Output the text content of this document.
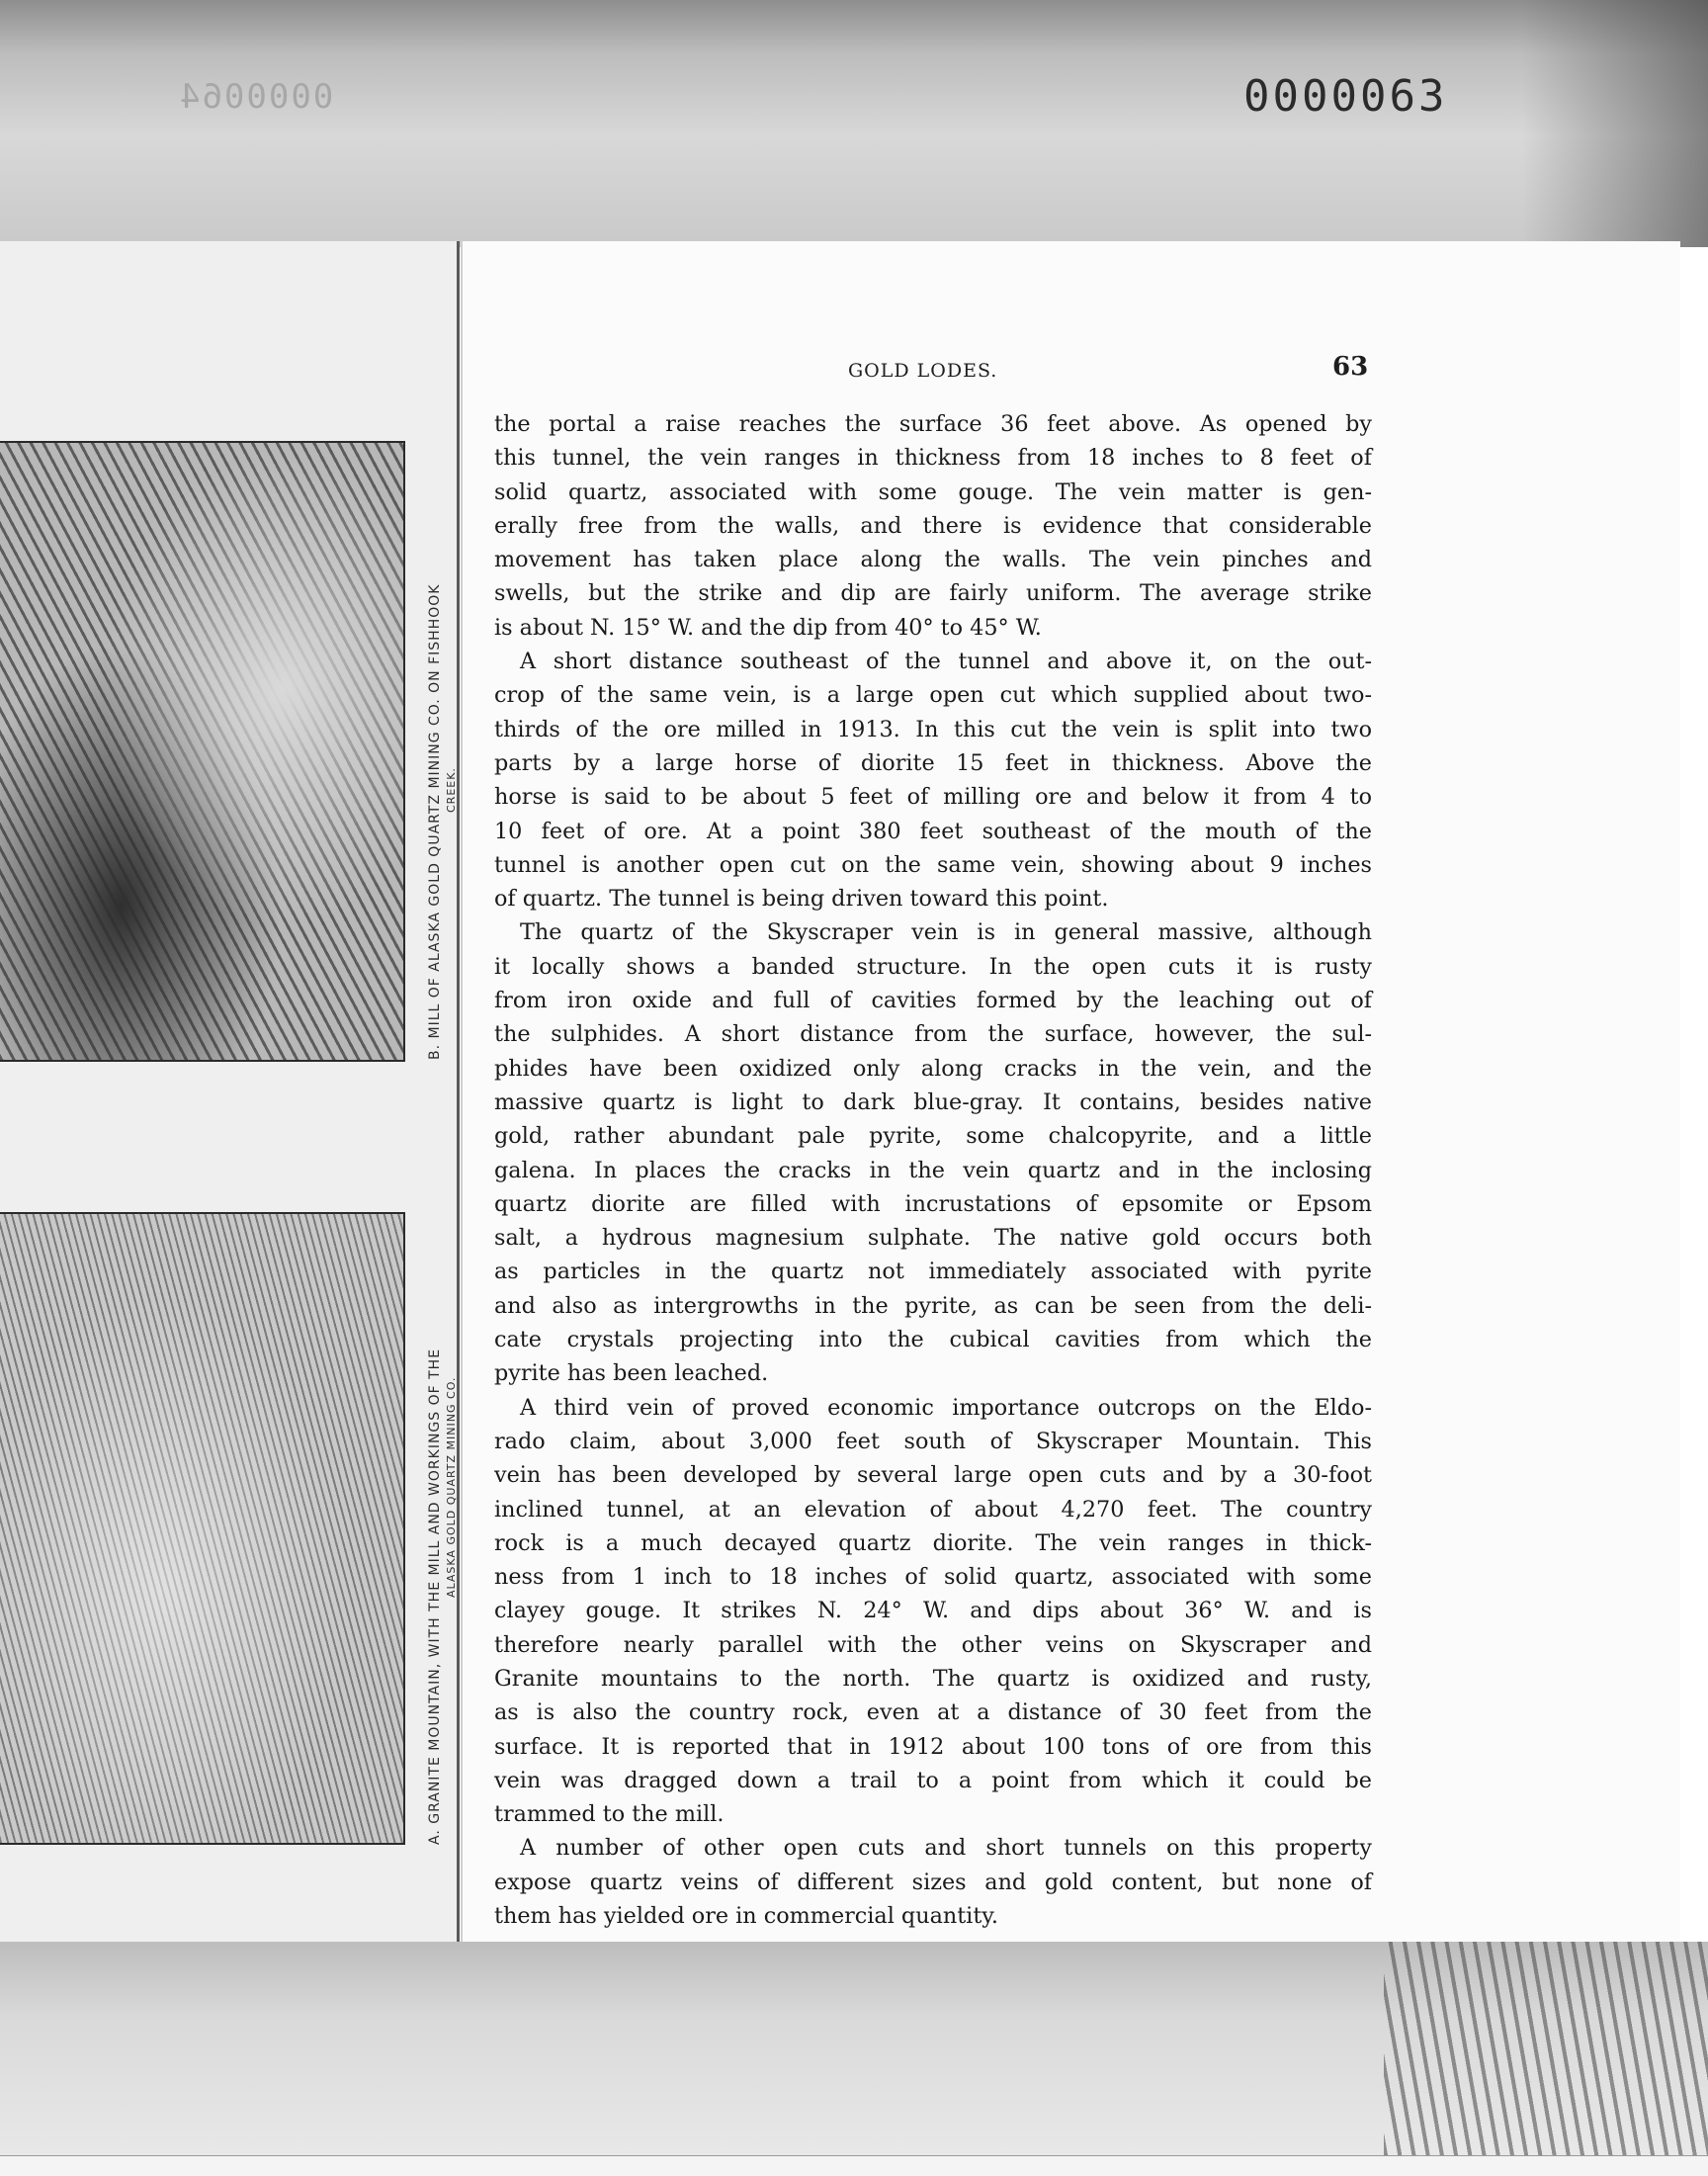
0000064	0000063
B. MILL OF ALASKA GOLD QUARTZ MINING CO. ON FISHHOOK CREEK.
A. GRANITE MOUNTAIN, WITH THE MILL AND WORKINGS OF THE ALASKA GOLD QUARTZ MINING CO.
GOLD LODES.	63
the portal a raise reaches the surface 36 feet above. As opened by
this tunnel, the vein ranges in thickness from 18 inches to 8 feet of
solid quartz, associated with some gouge. The vein matter is gen-
erally free from the walls, and there is evidence that considerable
movement has taken place along the walls. The vein pinches and
swells, but the strike and dip are fairly uniform. The average strike
is about N. 15° W. and the dip from 40° to 45° W.
A short distance southeast of the tunnel and above it, on the out-
crop of the same vein, is a large open cut which supplied about two-
thirds of the ore milled in 1913. In this cut the vein is split into two
parts by a large horse of diorite 15 feet in thickness. Above the
horse is said to be about 5 feet of milling ore and below it from 4 to
10 feet of ore. At a point 380 feet southeast of the mouth of the
tunnel is another open cut on the same vein, showing about 9 inches
of quartz. The tunnel is being driven toward this point.
The quartz of the Skyscraper vein is in general massive, although
it locally shows a banded structure. In the open cuts it is rusty
from iron oxide and full of cavities formed by the leaching out of
the sulphides. A short distance from the surface, however, the sul-
phides have been oxidized only along cracks in the vein, and the
massive quartz is light to dark blue-gray. It contains, besides native
gold, rather abundant pale pyrite, some chalcopyrite, and a little
galena. In places the cracks in the vein quartz and in the inclosing
quartz diorite are filled with incrustations of epsomite or Epsom
salt, a hydrous magnesium sulphate. The native gold occurs both
as particles in the quartz not immediately associated with pyrite
and also as intergrowths in the pyrite, as can be seen from the deli-
cate crystals projecting into the cubical cavities from which the
pyrite has been leached.
A third vein of proved economic importance outcrops on the Eldo-
rado claim, about 3,000 feet south of Skyscraper Mountain. This
vein has been developed by several large open cuts and by a 30-foot
inclined tunnel, at an elevation of about 4,270 feet. The country
rock is a much decayed quartz diorite. The vein ranges in thick-
ness from 1 inch to 18 inches of solid quartz, associated with some
clayey gouge. It strikes N. 24° W. and dips about 36° W. and is
therefore nearly parallel with the other veins on Skyscraper and
Granite mountains to the north. The quartz is oxidized and rusty,
as is also the country rock, even at a distance of 30 feet from the
surface. It is reported that in 1912 about 100 tons of ore from this
vein was dragged down a trail to a point from which it could be
trammed to the mill.
A number of other open cuts and short tunnels on this property
expose quartz veins of different sizes and gold content, but none of
them has yielded ore in commercial quantity.
